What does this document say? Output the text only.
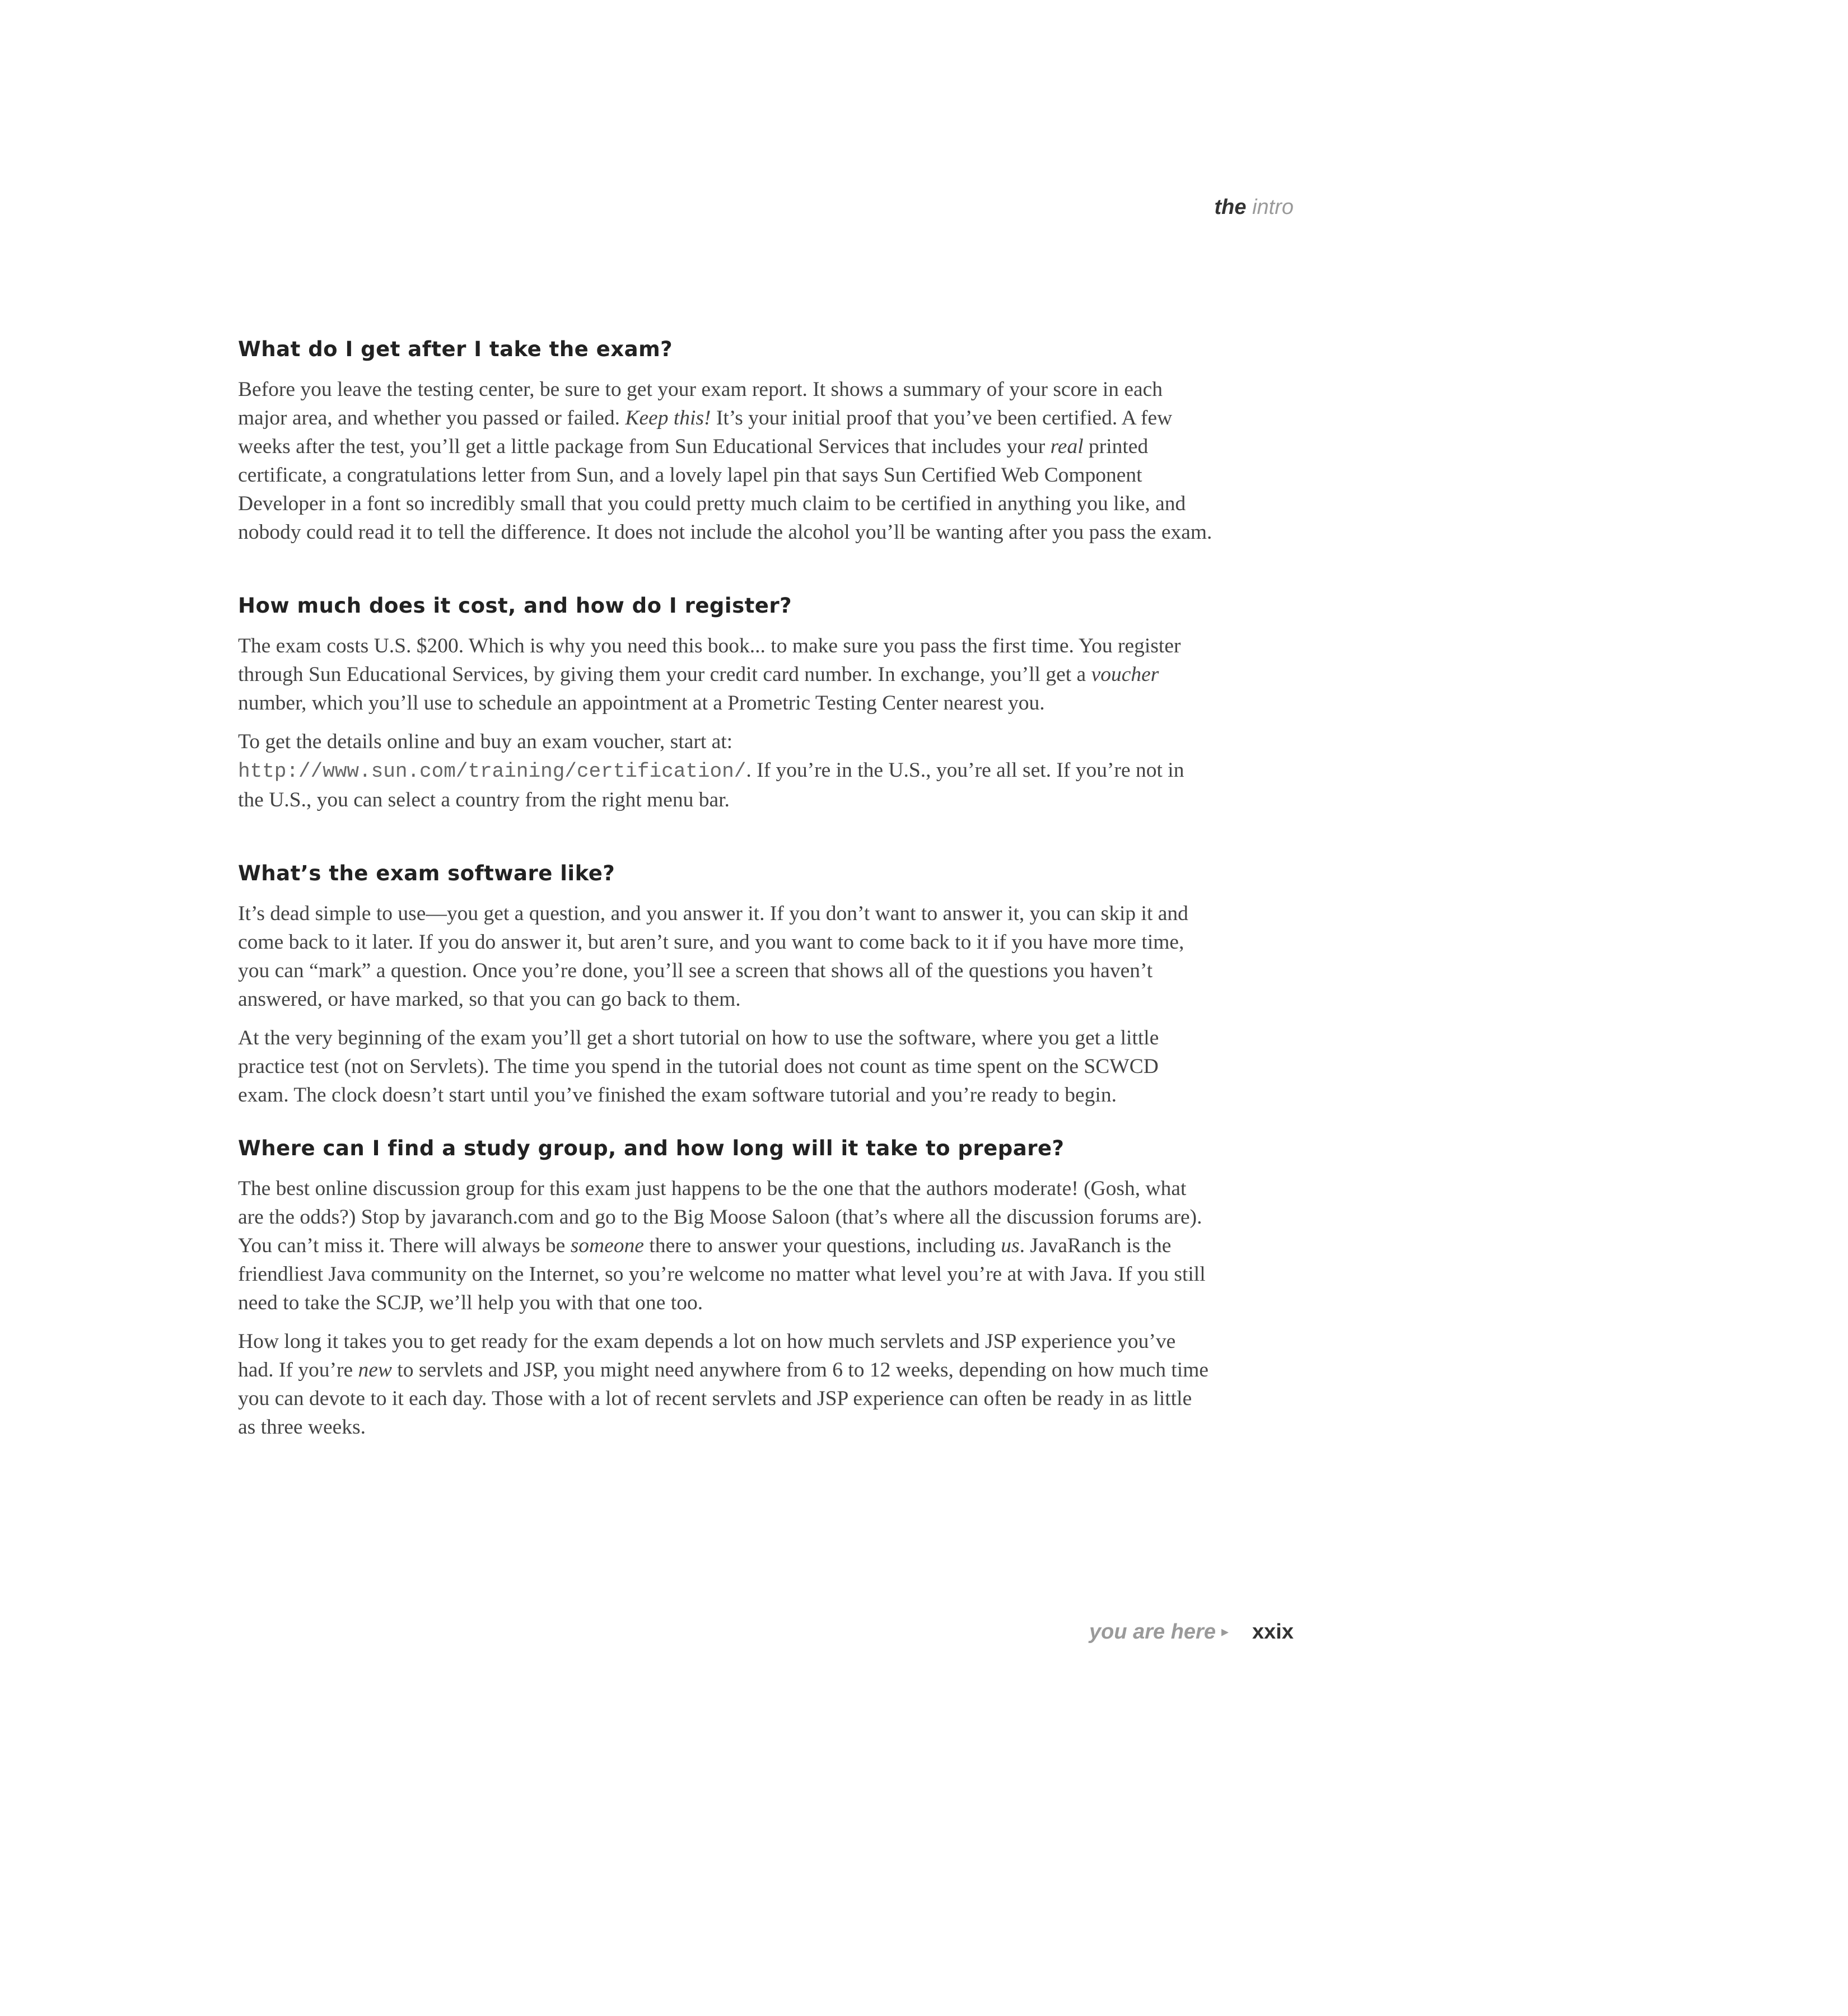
the intro
What do I get after I take the exam?

Before you leave the testing center, be sure to get your exam report. It shows a summary of your score in each major area, and whether you passed or failed. Keep this! It’s your initial proof that you’ve been certified. A few weeks after the test, you’ll get a little package from Sun Educational Services that includes your real printed certificate, a congratulations letter from Sun, and a lovely lapel pin that says Sun Certified Web Component Developer in a font so incredibly small that you could pretty much claim to be certified in anything you like, and nobody could read it to tell the difference. It does not include the alcohol you’ll be wanting after you pass the exam.

How much does it cost, and how do I register?

The exam costs U.S. $200. Which is why you need this book... to make sure you pass the first time. You register through Sun Educational Services, by giving them your credit card number. In exchange, you’ll get a voucher number, which you’ll use to schedule an appointment at a Prometric Testing Center nearest you.

To get the details online and buy an exam voucher, start at: http://www.sun.com/training/certification/. If you’re in the U.S., you’re all set. If you’re not in the U.S., you can select a country from the right menu bar.

What’s the exam software like?

It’s dead simple to use—you get a question, and you answer it. If you don’t want to answer it, you can skip it and come back to it later. If you do answer it, but aren’t sure, and you want to come back to it if you have more time, you can “mark” a question. Once you’re done, you’ll see a screen that shows all of the questions you haven’t answered, or have marked, so that you can go back to them.

At the very beginning of the exam you’ll get a short tutorial on how to use the software, where you get a little practice test (not on Servlets). The time you spend in the tutorial does not count as time spent on the SCWCD exam. The clock doesn’t start until you’ve finished the exam software tutorial and you’re ready to begin.

Where can I find a study group, and how long will it take to prepare?

The best online discussion group for this exam just happens to be the one that the authors moderate! (Gosh, what are the odds?) Stop by javaranch.com and go to the Big Moose Saloon (that’s where all the discussion forums are). You can’t miss it. There will always be someone there to answer your questions, including us. JavaRanch is the friendliest Java community on the Internet, so you’re welcome no matter what level you’re at with Java. If you still need to take the SCJP, we’ll help you with that one too.

How long it takes you to get ready for the exam depends a lot on how much servlets and JSP experience you’ve had. If you’re new to servlets and JSP, you might need anywhere from 6 to 12 weeks, depending on how much time you can devote to it each day. Those with a lot of recent servlets and JSP experience can often be ready in as little as three weeks.

you are here ▸ xxix
